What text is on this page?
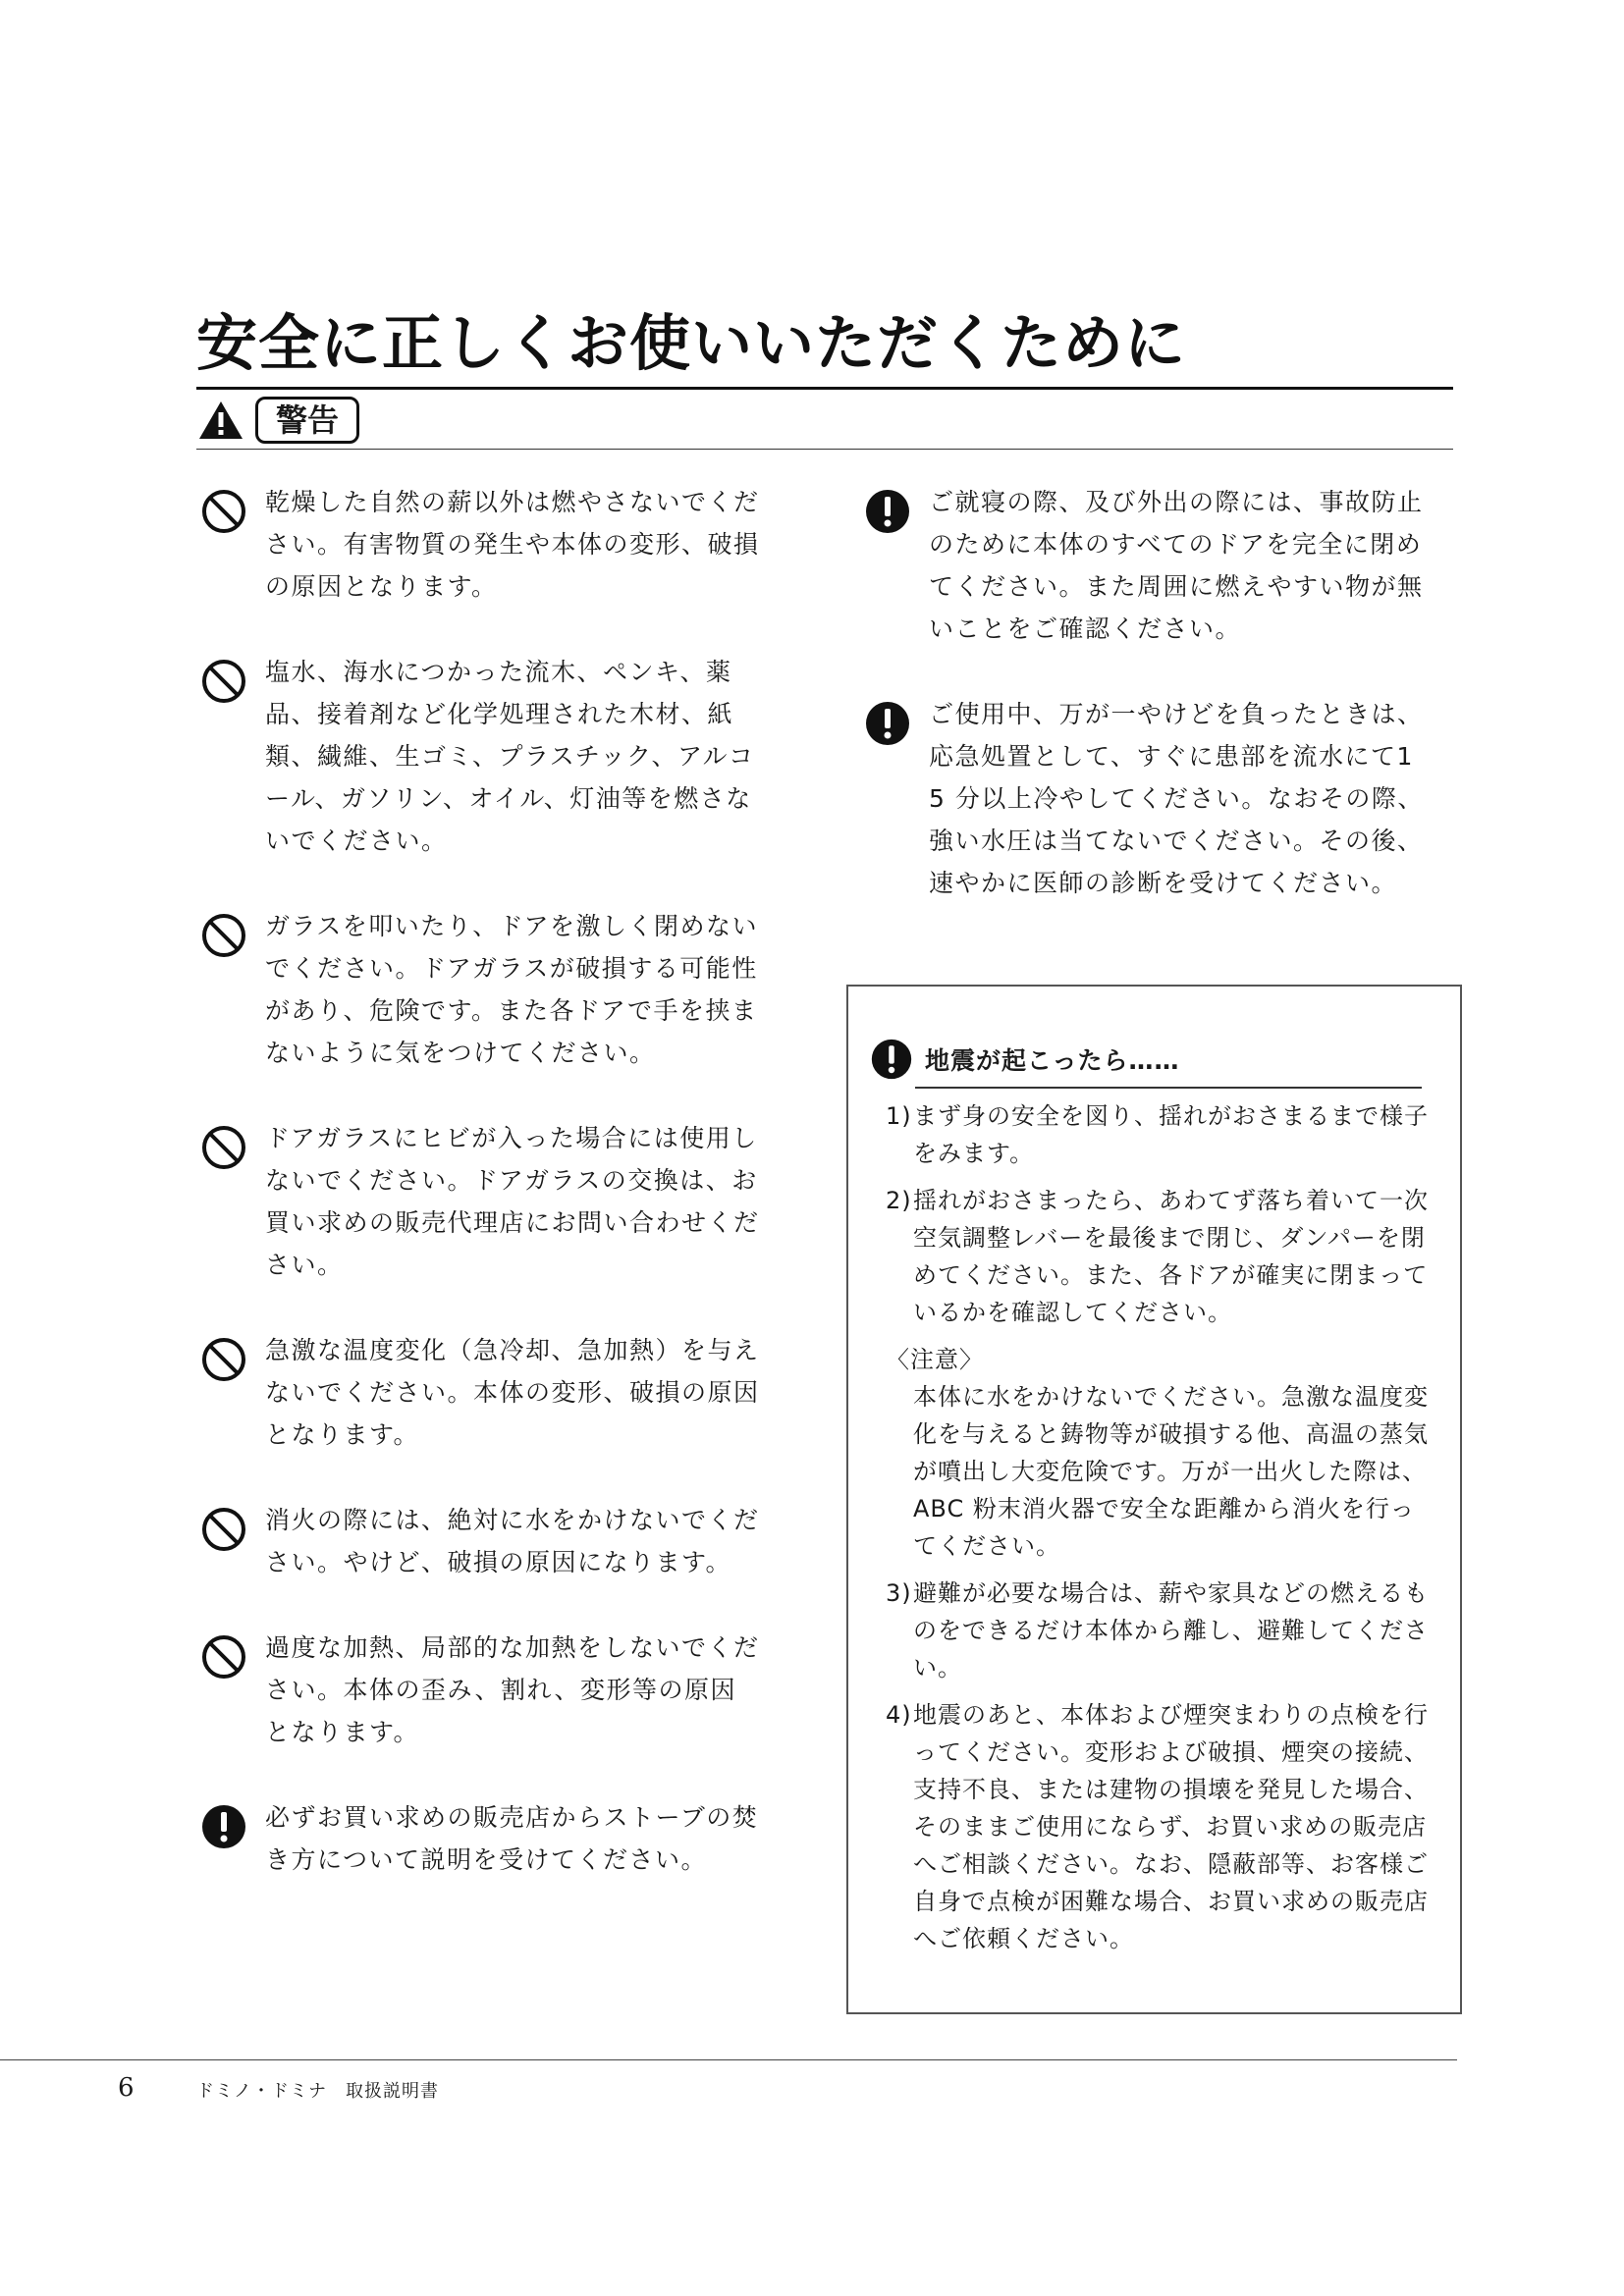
安全に正しくお使いいただくために
警告
乾燥した自然の薪以外は燃やさないでください。有害物質の発生や本体の変形、破損の原因となります。
塩水、海水につかった流木、ペンキ、薬品、接着剤など化学処理された木材、紙類、繊維、生ゴミ、プラスチック、アルコール、ガソリン、オイル、灯油等を燃さないでください。
ガラスを叩いたり、ドアを激しく閉めないでください。ドアガラスが破損する可能性があり、危険です。また各ドアで手を挟まないように気をつけてください。
ドアガラスにヒビが入った場合には使用しないでください。ドアガラスの交換は、お買い求めの販売代理店にお問い合わせください。
急激な温度変化（急冷却、急加熱）を与えないでください。本体の変形、破損の原因となります。
消火の際には、絶対に水をかけないでください。やけど、破損の原因になります。
過度な加熱、局部的な加熱をしないでください。本体の歪み、割れ、変形等の原因となります。
必ずお買い求めの販売店からストーブの焚き方について説明を受けてください。
ご就寝の際、及び外出の際には、事故防止のために本体のすべてのドアを完全に閉めてください。また周囲に燃えやすい物が無いことをご確認ください。
ご使用中、万が一やけどを負ったときは、応急処置として、すぐに患部を流水にて15 分以上冷やしてください。なおその際、強い水圧は当てないでください。その後、速やかに医師の診断を受けてください。
地震が起こったら……
1) まず身の安全を図り、揺れがおさまるまで様子をみます。
2) 揺れがおさまったら、あわてず落ち着いて一次空気調整レバーを最後まで閉じ、ダンパーを閉めてください。また、各ドアが確実に閉まっているかを確認してください。
〈注意〉
本体に水をかけないでください。急激な温度変化を与えると鋳物等が破損する他、高温の蒸気が噴出し大変危険です。万が一出火した際は、ABC 粉末消火器で安全な距離から消火を行ってください。
3) 避難が必要な場合は、薪や家具などの燃えるものをできるだけ本体から離し、避難してください。
4) 地震のあと、本体および煙突まわりの点検を行ってください。変形および破損、煙突の接続、支持不良、または建物の損壊を発見した場合、そのままご使用にならず、お買い求めの販売店へご相談ください。なお、隠蔽部等、お客様ご自身で点検が困難な場合、お買い求めの販売店へご依頼ください。
6	ドミノ・ドミナ　取扱説明書
